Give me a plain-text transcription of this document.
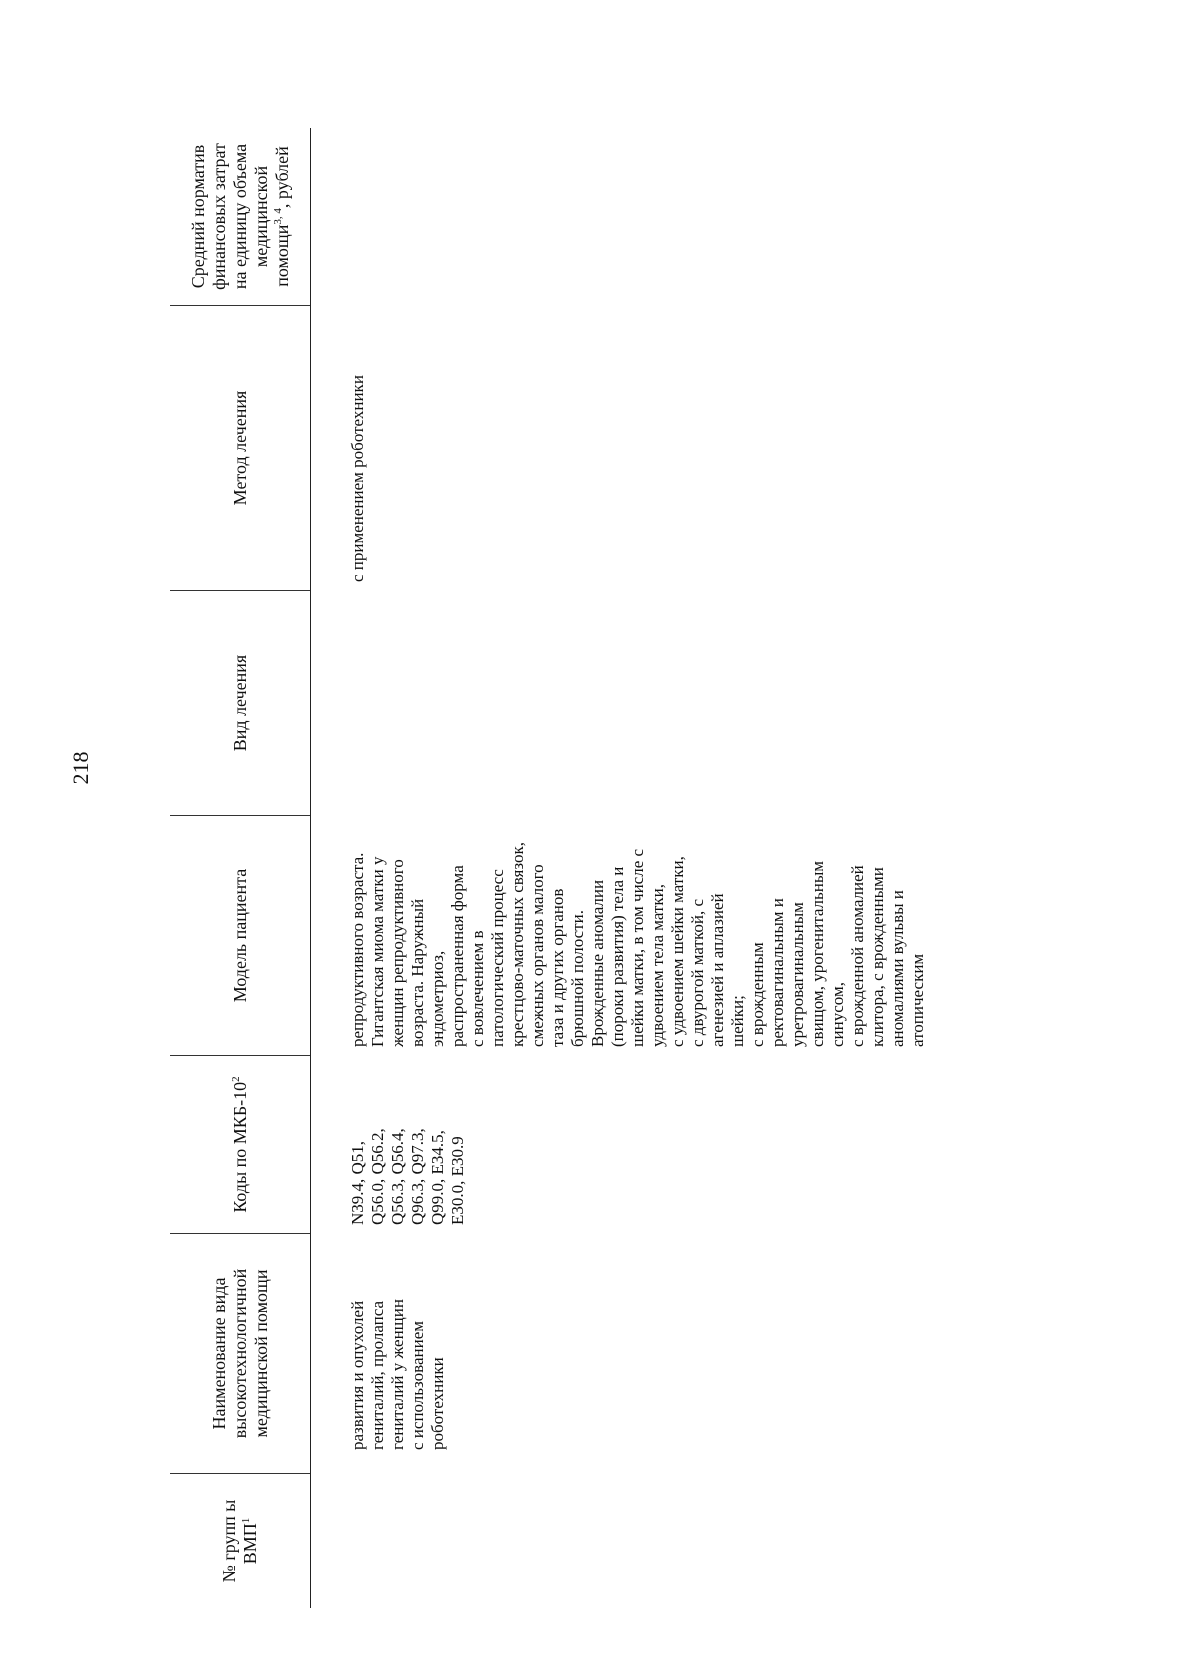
218
№ групп ы ВМП$^1$
Наименование вида высокотехнологичной медицинской помощи
Коды по МКБ-$10^2$
Модель пациента
Вид лечения
Метод лечения
Средний норматив финансовых затрат на единицу объема медицинской помощи$^{3, 4}$, рублей
развития и опухолей
гениталий, пролапса
гениталий у женщин
с использованием
роботехники
N39.4, Q51,
Q56.0, Q56.2,
Q56.3, Q56.4,
Q96.3, Q97.3,
Q99.0, E34.5,
E30.0, E30.9
репродуктивного возраста.
Гигантская миома матки у
женщин репродуктивного
возраста. Наружный
эндометриоз,
распространенная форма
с вовлечением в
патологический процесс
крестцово-маточных связок,
смежных органов малого
таза и других органов
брюшной полости.
Врожденные аномалии
(пороки развития) тела и
шейки матки, в том числе с
удвоением тела матки,
с удвоением шейки матки,
с двурогой маткой, с
агенезией и аплазией
шейки;
с врожденным
ректовагинальным и
уретровагинальным
свищом, урогенитальным
синусом,
с врожденной аномалией
клитора, с врожденными
аномалиями вульвы и
атопическим
с применением роботехники
